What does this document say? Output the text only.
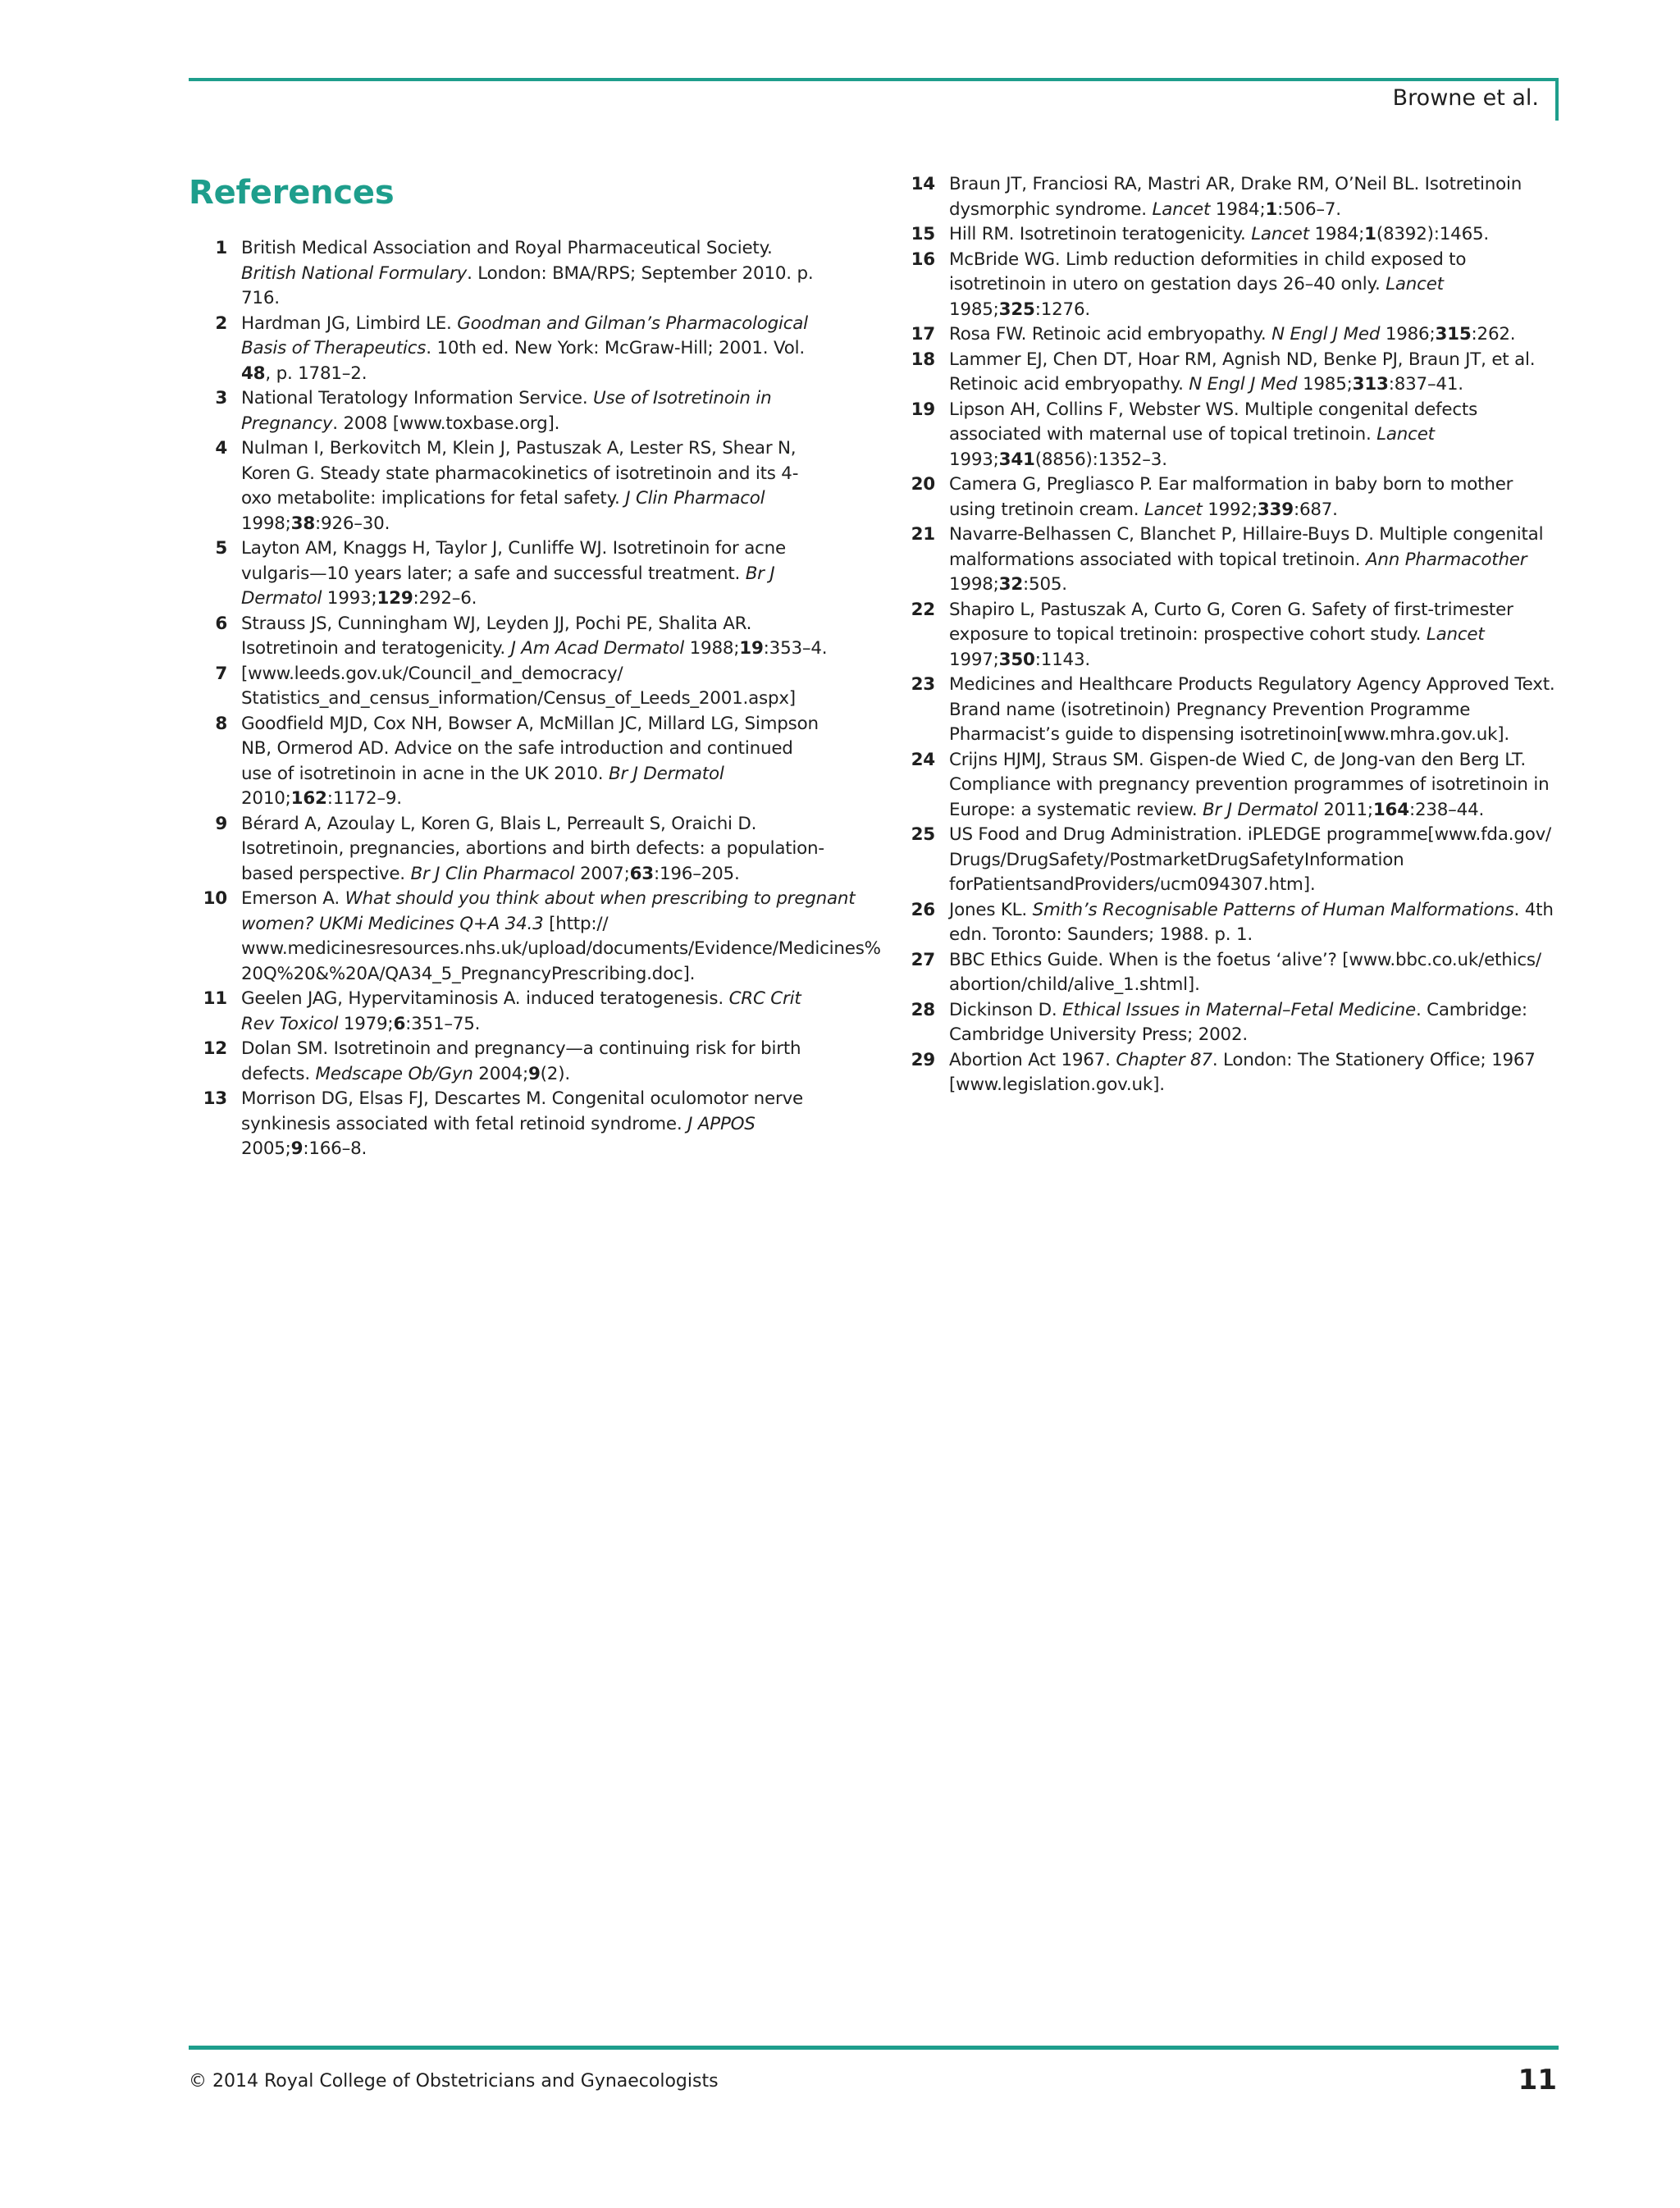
Browne et al.
References
1 British Medical Association and Royal Pharmaceutical Society. British National Formulary. London: BMA/RPS; September 2010. p. 716.
2 Hardman JG, Limbird LE. Goodman and Gilman’s Pharmacological Basis of Therapeutics. 10th ed. New York: McGraw-Hill; 2001. Vol. 48, p. 1781–2.
3 National Teratology Information Service. Use of Isotretinoin in Pregnancy. 2008 [www.toxbase.org].
4 Nulman I, Berkovitch M, Klein J, Pastuszak A, Lester RS, Shear N, Koren G. Steady state pharmacokinetics of isotretinoin and its 4-oxo metabolite: implications for fetal safety. J Clin Pharmacol 1998;38:926–30.
5 Layton AM, Knaggs H, Taylor J, Cunliffe WJ. Isotretinoin for acne vulgaris—10 years later; a safe and successful treatment. Br J Dermatol 1993;129:292–6.
6 Strauss JS, Cunningham WJ, Leyden JJ, Pochi PE, Shalita AR. Isotretinoin and teratogenicity. J Am Acad Dermatol 1988;19:353–4.
7 [www.leeds.gov.uk/Council_and_democracy/ Statistics_and_census_information/Census_of_Leeds_2001.aspx]
8 Goodfield MJD, Cox NH, Bowser A, McMillan JC, Millard LG, Simpson NB, Ormerod AD. Advice on the safe introduction and continued use of isotretinoin in acne in the UK 2010. Br J Dermatol 2010;162:1172–9.
9 Bérard A, Azoulay L, Koren G, Blais L, Perreault S, Oraichi D. Isotretinoin, pregnancies, abortions and birth defects: a population-based perspective. Br J Clin Pharmacol 2007;63:196–205.
10 Emerson A. What should you think about when prescribing to pregnant women? UKMi Medicines Q+A 34.3 [http:// www.medicinesresources.nhs.uk/upload/documents/Evidence/Medicines% 20Q%20&%20A/QA34_5_PregnancyPrescribing.doc].
11 Geelen JAG, Hypervitaminosis A. induced teratogenesis. CRC Crit Rev Toxicol 1979;6:351–75.
12 Dolan SM. Isotretinoin and pregnancy—a continuing risk for birth defects. Medscape Ob/Gyn 2004;9(2).
13 Morrison DG, Elsas FJ, Descartes M. Congenital oculomotor nerve synkinesis associated with fetal retinoid syndrome. J APPOS 2005;9:166–8.
14 Braun JT, Franciosi RA, Mastri AR, Drake RM, O’Neil BL. Isotretinoin dysmorphic syndrome. Lancet 1984;1:506–7.
15 Hill RM. Isotretinoin teratogenicity. Lancet 1984;1(8392):1465.
16 McBride WG. Limb reduction deformities in child exposed to isotretinoin in utero on gestation days 26–40 only. Lancet 1985;325:1276.
17 Rosa FW. Retinoic acid embryopathy. N Engl J Med 1986;315:262.
18 Lammer EJ, Chen DT, Hoar RM, Agnish ND, Benke PJ, Braun JT, et al. Retinoic acid embryopathy. N Engl J Med 1985;313:837–41.
19 Lipson AH, Collins F, Webster WS. Multiple congenital defects associated with maternal use of topical tretinoin. Lancet 1993;341(8856):1352–3.
20 Camera G, Pregliasco P. Ear malformation in baby born to mother using tretinoin cream. Lancet 1992;339:687.
21 Navarre-Belhassen C, Blanchet P, Hillaire-Buys D. Multiple congenital malformations associated with topical tretinoin. Ann Pharmacother 1998;32:505.
22 Shapiro L, Pastuszak A, Curto G, Coren G. Safety of first-trimester exposure to topical tretinoin: prospective cohort study. Lancet 1997;350:1143.
23 Medicines and Healthcare Products Regulatory Agency Approved Text. Brand name (isotretinoin) Pregnancy Prevention Programme Pharmacist’s guide to dispensing isotretinoin[www.mhra.gov.uk].
24 Crijns HJMJ, Straus SM. Gispen-de Wied C, de Jong-van den Berg LT. Compliance with pregnancy prevention programmes of isotretinoin in Europe: a systematic review. Br J Dermatol 2011;164:238–44.
25 US Food and Drug Administration. iPLEDGE programme[www.fda.gov/ Drugs/DrugSafety/PostmarketDrugSafetyInformation forPatientsandProviders/ucm094307.htm].
26 Jones KL. Smith’s Recognisable Patterns of Human Malformations. 4th edn. Toronto: Saunders; 1988. p. 1.
27 BBC Ethics Guide. When is the foetus ‘alive’? [www.bbc.co.uk/ethics/ abortion/child/alive_1.shtml].
28 Dickinson D. Ethical Issues in Maternal–Fetal Medicine. Cambridge: Cambridge University Press; 2002.
29 Abortion Act 1967. Chapter 87. London: The Stationery Office; 1967 [www.legislation.gov.uk].
© 2014 Royal College of Obstetricians and Gynaecologists	11
